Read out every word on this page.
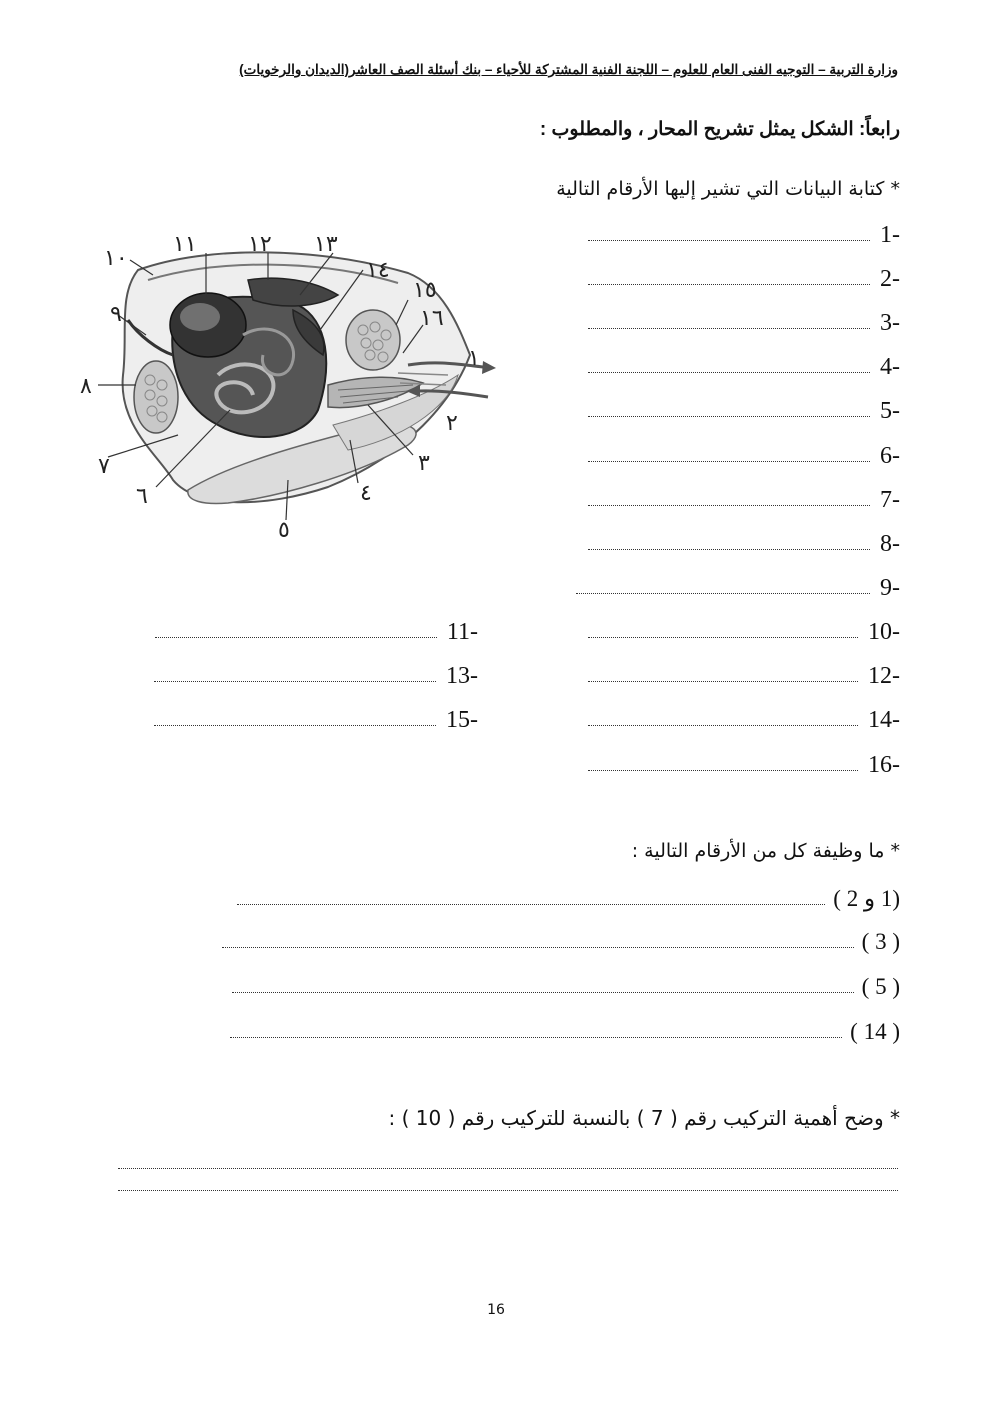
وزارة التربية – التوجيه الفنى العام للعلوم – اللجنة الفنية المشتركة للأحياء – بنك أسئلة الصف العاشر(الديدان والرخويات)
رابعاً: الشكل يمثل تشريح المحار ، والمطلوب :
* كتابة البيانات التي تشير إليها الأرقام التالية
1-
2-
3-
4-
5-
6-
7-
8-
9-
10-
12-
14-
16-
11-
13-
15-
١
٢
٣
٤
٥
٦
٧
٨
٩
١٠
١١ ١٢ ١٣
١٤
١٥
١٦
* ما وظيفة كل من الأرقام التالية :
(1 و 2 )
( 3 )
( 5 )
( 14 )
* وضح أهمية التركيب رقم ( 7 ) بالنسبة للتركيب رقم ( 10 ) :
16
